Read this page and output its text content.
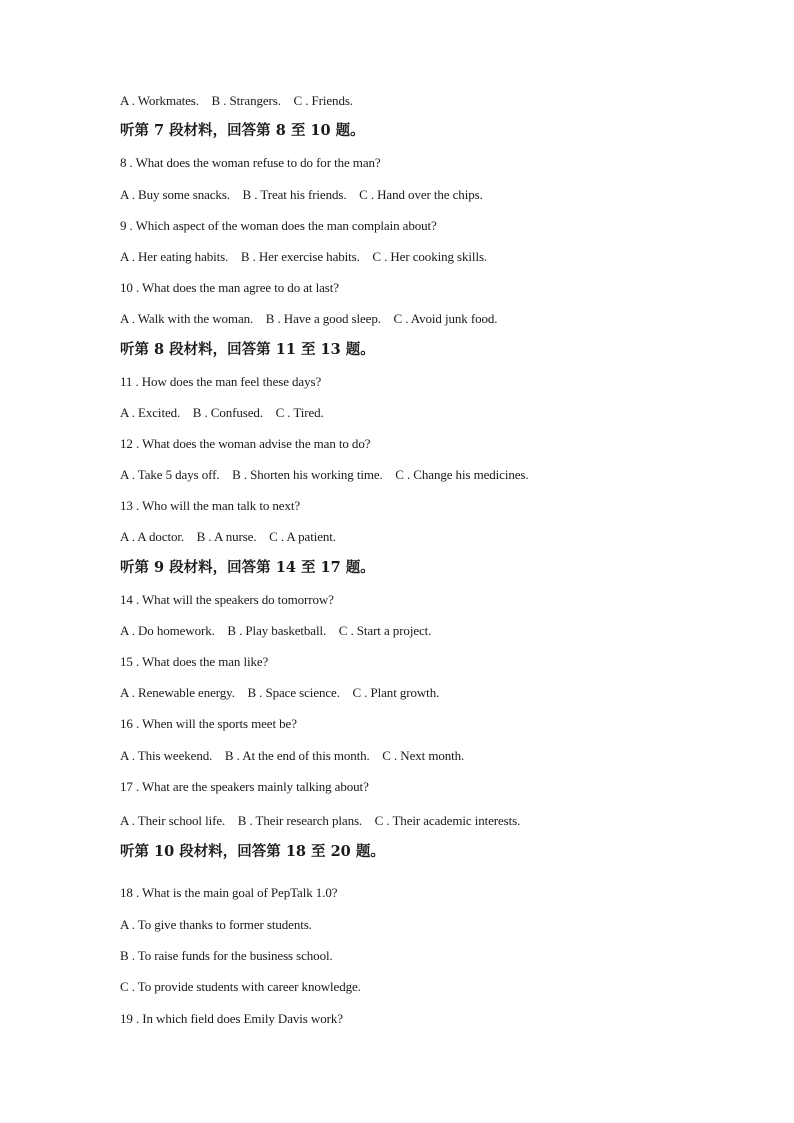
A . Workmates.    B . Strangers.    C . Friends.
听第 7 段材料，回答第 8 至 10 题。
8 . What does the woman refuse to do for the man?
A . Buy some snacks.    B . Treat his friends.    C . Hand over the chips.
9 . Which aspect of the woman does the man complain about?
A . Her eating habits.    B . Her exercise habits.    C . Her cooking skills.
10 . What does the man agree to do at last?
A . Walk with the woman.    B . Have a good sleep.    C . Avoid junk food.
听第 8 段材料，回答第 11 至 13 题。
11 . How does the man feel these days?
A . Excited.    B . Confused.    C . Tired.
12 . What does the woman advise the man to do?
A . Take 5 days off.    B . Shorten his working time.    C . Change his medicines.
13 . Who will the man talk to next?
A . A doctor.    B . A nurse.    C . A patient.
听第 9 段材料，回答第 14 至 17 题。
14 . What will the speakers do tomorrow?
A . Do homework.    B . Play basketball.    C . Start a project.
15 . What does the man like?
A . Renewable energy.    B . Space science.    C . Plant growth.
16 . When will the sports meet be?
A . This weekend.    B . At the end of this month.    C . Next month.
17 . What are the speakers mainly talking about?
A . Their school life.    B . Their research plans.    C . Their academic interests.
听第 10 段材料，回答第 18 至 20 题。
18 . What is the main goal of PepTalk 1.0?
A . To give thanks to former students.
B . To raise funds for the business school.
C . To provide students with career knowledge.
19 . In which field does Emily Davis work?
